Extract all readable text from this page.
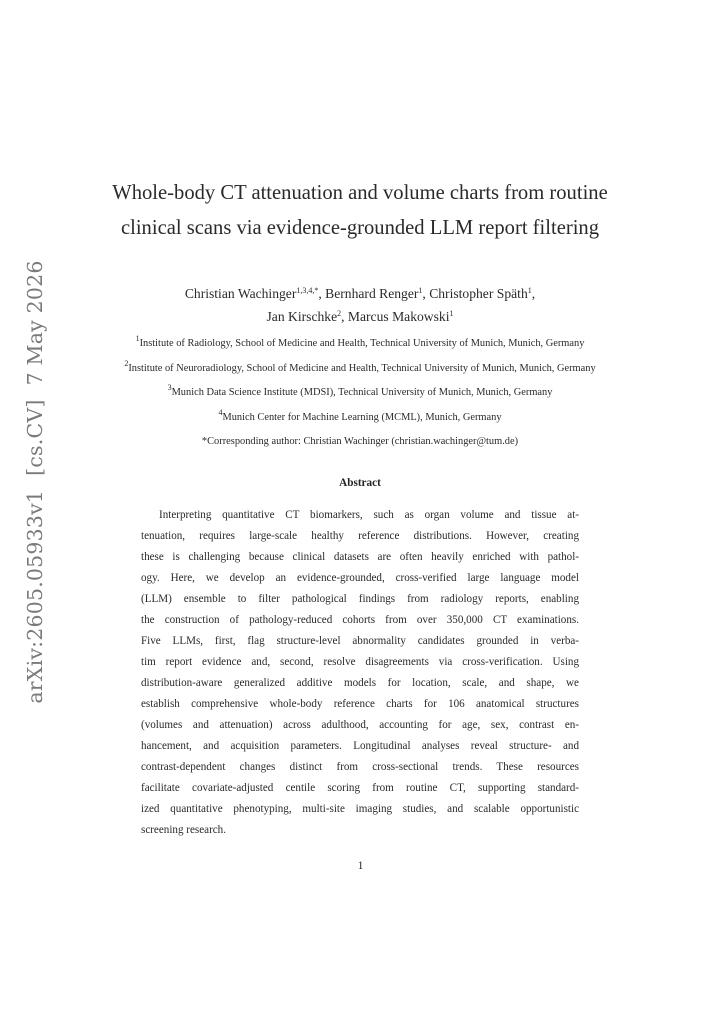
arXiv:2605.05933v1[cs.CV]7 May 2026
Whole-body CT attenuation and volume charts from routine
clinical scans via evidence-grounded LLM report filtering
Christian Wachinger$^{1,3,4,*}$, Bernhard Renger$^1$, Christopher Späth$^1$,
Jan Kirschke$^2$, Marcus Makowski$^1$
$^1$Institute of Radiology, School of Medicine and Health, Technical University of Munich, Munich, Germany
$^2$Institute of Neuroradiology, School of Medicine and Health, Technical University of Munich, Munich, Germany
$^3$Munich Data Science Institute (MDSI), Technical University of Munich, Munich, Germany
$^4$Munich Center for Machine Learning (MCML), Munich, Germany
*Corresponding author: Christian Wachinger (christian.wachinger@tum.de)
Abstract
Interpreting quantitative CT biomarkers, such as organ volume and tissue at-
tenuation, requires large-scale healthy reference distributions. However, creating
these is challenging because clinical datasets are often heavily enriched with pathol-
ogy. Here, we develop an evidence-grounded, cross-verified large language model
(LLM) ensemble to filter pathological findings from radiology reports, enabling
the construction of pathology-reduced cohorts from over 350,000 CT examinations.
Five LLMs, first, flag structure-level abnormality candidates grounded in verba-
tim report evidence and, second, resolve disagreements via cross-verification. Using
distribution-aware generalized additive models for location, scale, and shape, we
establish comprehensive whole-body reference charts for 106 anatomical structures
(volumes and attenuation) across adulthood, accounting for age, sex, contrast en-
hancement, and acquisition parameters. Longitudinal analyses reveal structure- and
contrast-dependent changes distinct from cross-sectional trends. These resources
facilitate covariate-adjusted centile scoring from routine CT, supporting standard-
ized quantitative phenotyping, multi-site imaging studies, and scalable opportunistic
screening research.
1
